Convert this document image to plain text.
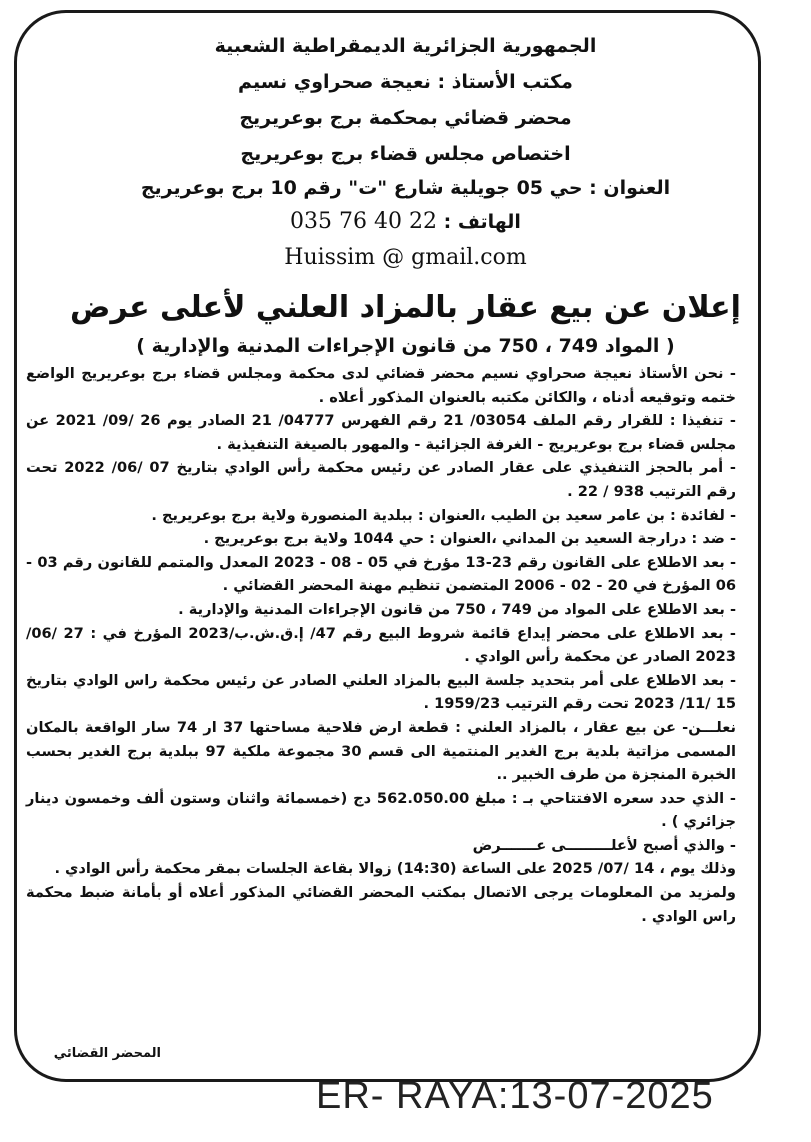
الجمهورية الجزائرية الديمقراطية الشعبية
مكتب الأستاذ : نعيجة صحراوي نسيم
محضر قضائي بمحكمة برج بوعريريج
اختصاص مجلس قضاء برج بوعريريج
العنوان : حي 05 جويلية شارع "ت" رقم 10 برج بوعريريج
الهاتف : 035 76 40 22
Huissim @ gmail.com
إعلان عن بيع عقار بالمزاد العلني لأعلى عرض
( المواد 749 ، 750 من قانون الإجراءات المدنية والإدارية )

- نحن الأستاذ نعيجة صحراوي نسيم محضر قضائي لدى محكمة ومجلس قضاء برج بوعريريج الواضع ختمه وتوقيعه أدناه ، والكائن مكتبه بالعنوان المذكور أعلاه .

- تنفيذا : للقرار رقم الملف 03054/ 21 رقم الفهرس 04777/ 21 الصادر يوم 26 /09/ 2021 عن مجلس قضاء برج بوعريريج - الغرفة الجزائية - والمهور بالصيغة التنفيذية .

- أمر بالحجز التنفيذي على عقار الصادر عن رئيس محكمة رأس الوادي بتاريخ 07 /06/ 2022 تحت رقم الترتيب 938 / 22 .

- لفائدة : بن عامر سعيد بن الطيب ،العنوان : ببلدية المنصورة ولاية برج بوعريريج .

- ضد : درارجة السعيد بن المداني ،العنوان : حي 1044 ولاية برج بوعريريج .

- بعد الاطلاع على القانون رقم 23-13 مؤرخ في 05 - 08 - 2023 المعدل والمتمم للقانون رقم 03 - 06 المؤرخ في 20 - 02 - 2006 المتضمن تنظيم مهنة المحضر القضائي .

- بعد الاطلاع على المواد من 749 ، 750 من قانون الإجراءات المدنية والإدارية .

- بعد الاطلاع على محضر إيداع قائمة شروط البيع رقم 47/ إ.ق.ش.ب/2023 المؤرخ في : 27 /06/ 2023 الصادر عن محكمة رأس الوادي .

- بعد الاطلاع على أمر بتحديد جلسة البيع بالمزاد العلني الصادر عن رئيس محكمة راس الوادي بتاريخ 15 /11/ 2023 تحت رقم الترتيب 1959/23 .

نعلـــن- عن بيع عقار ، بالمزاد العلني : قطعة ارض فلاحية مساحتها 37 ار 74 سار الواقعة بالمكان المسمى مزاتية بلدية برج الغدير المنتمية الى قسم 30 مجموعة ملكية 97 ببلدية برج الغدير بحسب الخبرة المنجزة من طرف الخبير ..

- الذي حدد سعره الافتتاحي بـ : مبلغ 562.050.00 دج (خمسمائة واثنان وستون ألف وخمسون دينار جزائري ) .

- والذي أصبح لأعلـــــــــى عـــــــرض

وذلك يوم ، 14 /07/ 2025 على الساعة (14:30) زوالا بقاعة الجلسات بمقر محكمة رأس الوادي .

ولمزيد من المعلومات يرجى الاتصال بمكتب المحضر القضائي المذكور أعلاه أو بأمانة ضبط محكمة راس الوادي .

المحضر القضائي
ER- RAYA:13-07-2025
